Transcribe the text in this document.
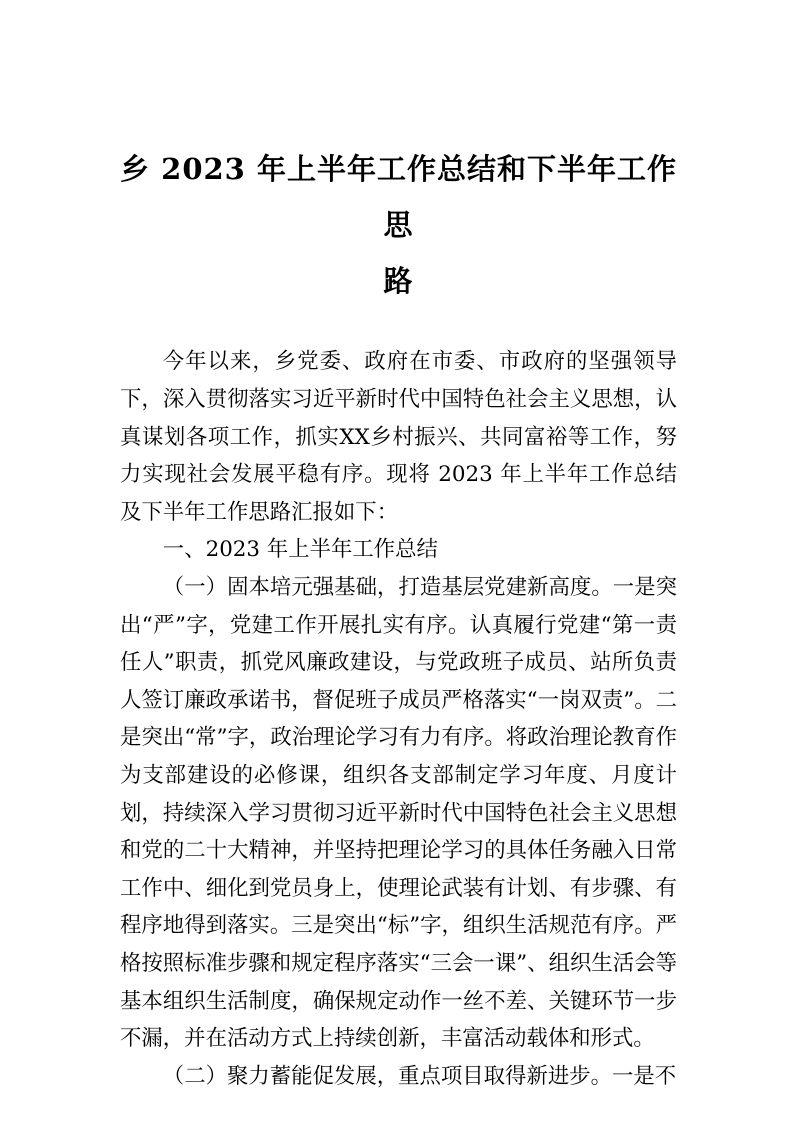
乡 2023 年上半年工作总结和下半年工作思
路

今年以来，乡党委、政府在市委、市政府的坚强领导下，深入贯彻落实习近平新时代中国特色社会主义思想，认真谋划各项工作，抓实XX乡村振兴、共同富裕等工作，努力实现社会发展平稳有序。现将 2023 年上半年工作总结及下半年工作思路汇报如下：

一、2023 年上半年工作总结

（一）固本培元强基础，打造基层党建新高度。一是突出“严”字，党建工作开展扎实有序。认真履行党建“第一责任人”职责，抓党风廉政建设，与党政班子成员、站所负责人签订廉政承诺书，督促班子成员严格落实“一岗双责”。二是突出“常”字，政治理论学习有力有序。将政治理论教育作为支部建设的必修课，组织各支部制定学习年度、月度计划，持续深入学习贯彻习近平新时代中国特色社会主义思想和党的二十大精神，并坚持把理论学习的具体任务融入日常工作中、细化到党员身上，使理论武装有计划、有步骤、有程序地得到落实。三是突出“标”字，组织生活规范有序。严格按照标准步骤和规定程序落实“三会一课”、组织生活会等基本组织生活制度，确保规定动作一丝不差、关键环节一步不漏，并在活动方式上持续创新，丰富活动载体和形式。

（二）聚力蓄能促发展，重点项目取得新进步。一是不
